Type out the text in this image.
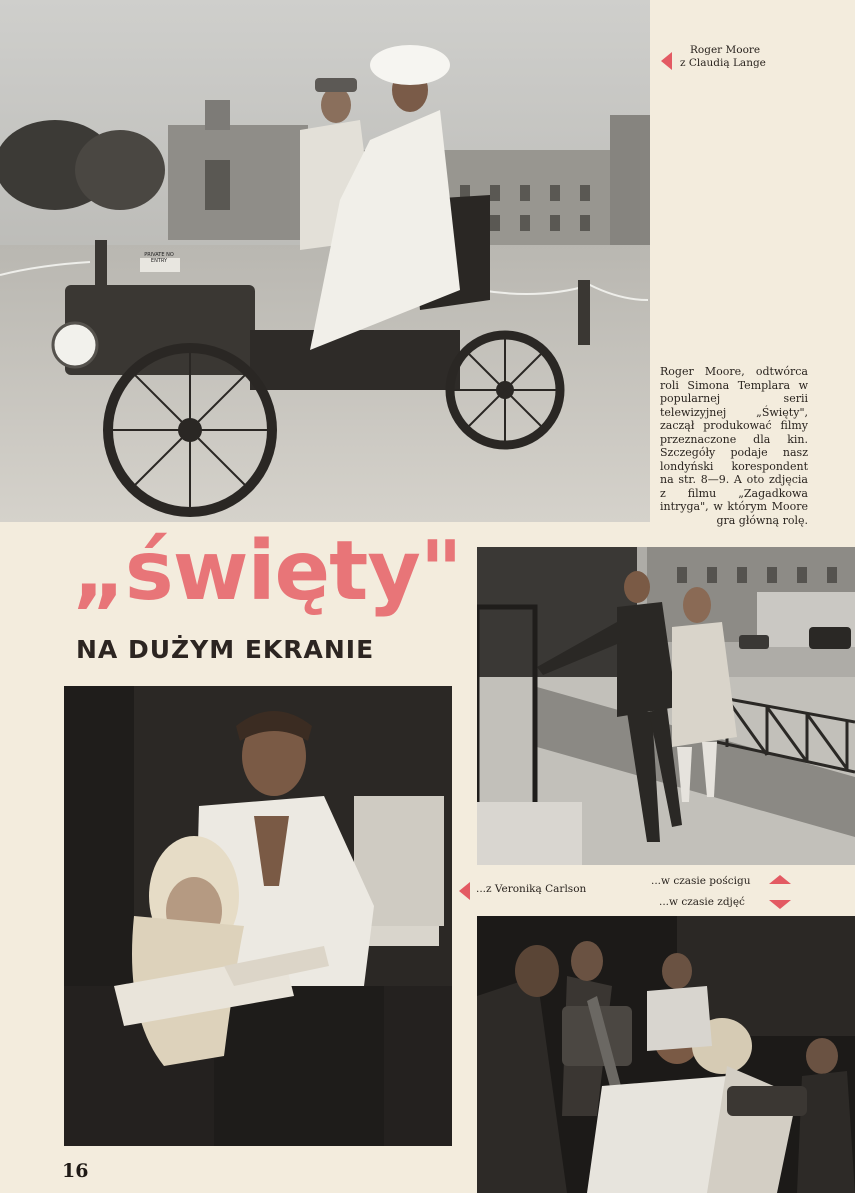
PRIVATE NO ENTRY
Roger Moore
z Claudią Lange
Roger Moore, odtwórca roli Simona Templara w popularnej serii telewizyjnej „Święty", zaczął produkować filmy przeznaczone dla kin. Szczegóły podaje nasz londyński korespondent na str. 8—9. A oto zdjęcia z filmu „Zagadkowa intryga", w którym Moore gra główną rolę.
„święty"
NA DUŻYM EKRANIE
...z Veroniką Carlson
...w czasie pościgu
...w czasie zdjęć
16
